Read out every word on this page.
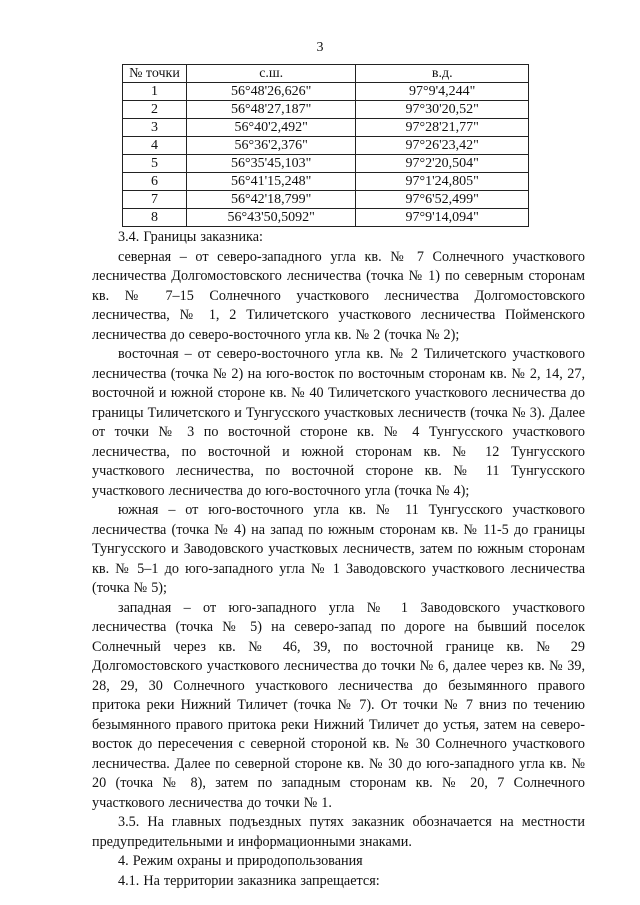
3
№ точки	с.ш.	в.д.
1	56°48'26,626"	97°9'4,244"
2	56°48'27,187"	97°30'20,52"
3	56°40'2,492"	97°28'21,77"
4	56°36'2,376"	97°26'23,42"
5	56°35'45,103"	97°2'20,504"
6	56°41'15,248"	97°1'24,805"
7	56°42'18,799"	97°6'52,499"
8	56°43'50,5092"	97°9'14,094"

3.4. Границы заказника:

северная – от северо-западного угла кв. № 7 Солнечного участкового лесничества Долгомостовского лесничества (точка № 1) по северным сторонам кв. № 7–15 Солнечного участкового лесничества Долгомостовского лесничества, № 1, 2 Тиличетского участкового лесничества Пойменского лесничества до северо-восточного угла кв. № 2 (точка № 2);

восточная – от северо-восточного угла кв. № 2 Тиличетского участкового лесничества (точка № 2) на юго-восток по восточным сторонам кв. № 2, 14, 27, восточной и южной стороне кв. № 40 Тиличетского участкового лесничества до границы Тиличетского и Тунгусского участковых лесничеств (точка № 3). Далее от точки № 3 по восточной стороне кв. № 4 Тунгусского участкового лесничества, по восточной и южной сторонам кв. № 12 Тунгусского участкового лесничества, по восточной стороне кв. № 11 Тунгусского участкового лесничества до юго-восточного угла (точка № 4);

южная – от юго-восточного угла кв. № 11 Тунгусского участкового лесничества (точка № 4) на запад по южным сторонам кв. № 11-5 до границы Тунгусского и Заводовского участковых лесничеств, затем по южным сторонам кв. № 5–1 до юго-западного угла № 1 Заводовского участкового лесничества (точка № 5);

западная – от юго-западного угла № 1 Заводовского участкового лесничества (точка № 5) на северо-запад по дороге на бывший поселок Солнечный через кв. № 46, 39, по восточной границе кв. № 29 Долгомостовского участкового лесничества до точки № 6, далее через кв. № 39, 28, 29, 30 Солнечного участкового лесничества до безымянного правого притока реки Нижний Тиличет (точка № 7). От точки № 7 вниз по течению безымянного правого притока реки Нижний Тиличет до устья, затем на северо-восток до пересечения с северной стороной кв. № 30 Солнечного участкового лесничества. Далее по северной стороне кв. № 30 до юго-западного угла кв. № 20 (точка № 8), затем по западным сторонам кв. № 20, 7 Солнечного участкового лесничества до точки № 1.

3.5. На главных подъездных путях заказник обозначается на местности предупредительными и информационными знаками.

4. Режим охраны и природопользования

4.1. На территории заказника запрещается:
